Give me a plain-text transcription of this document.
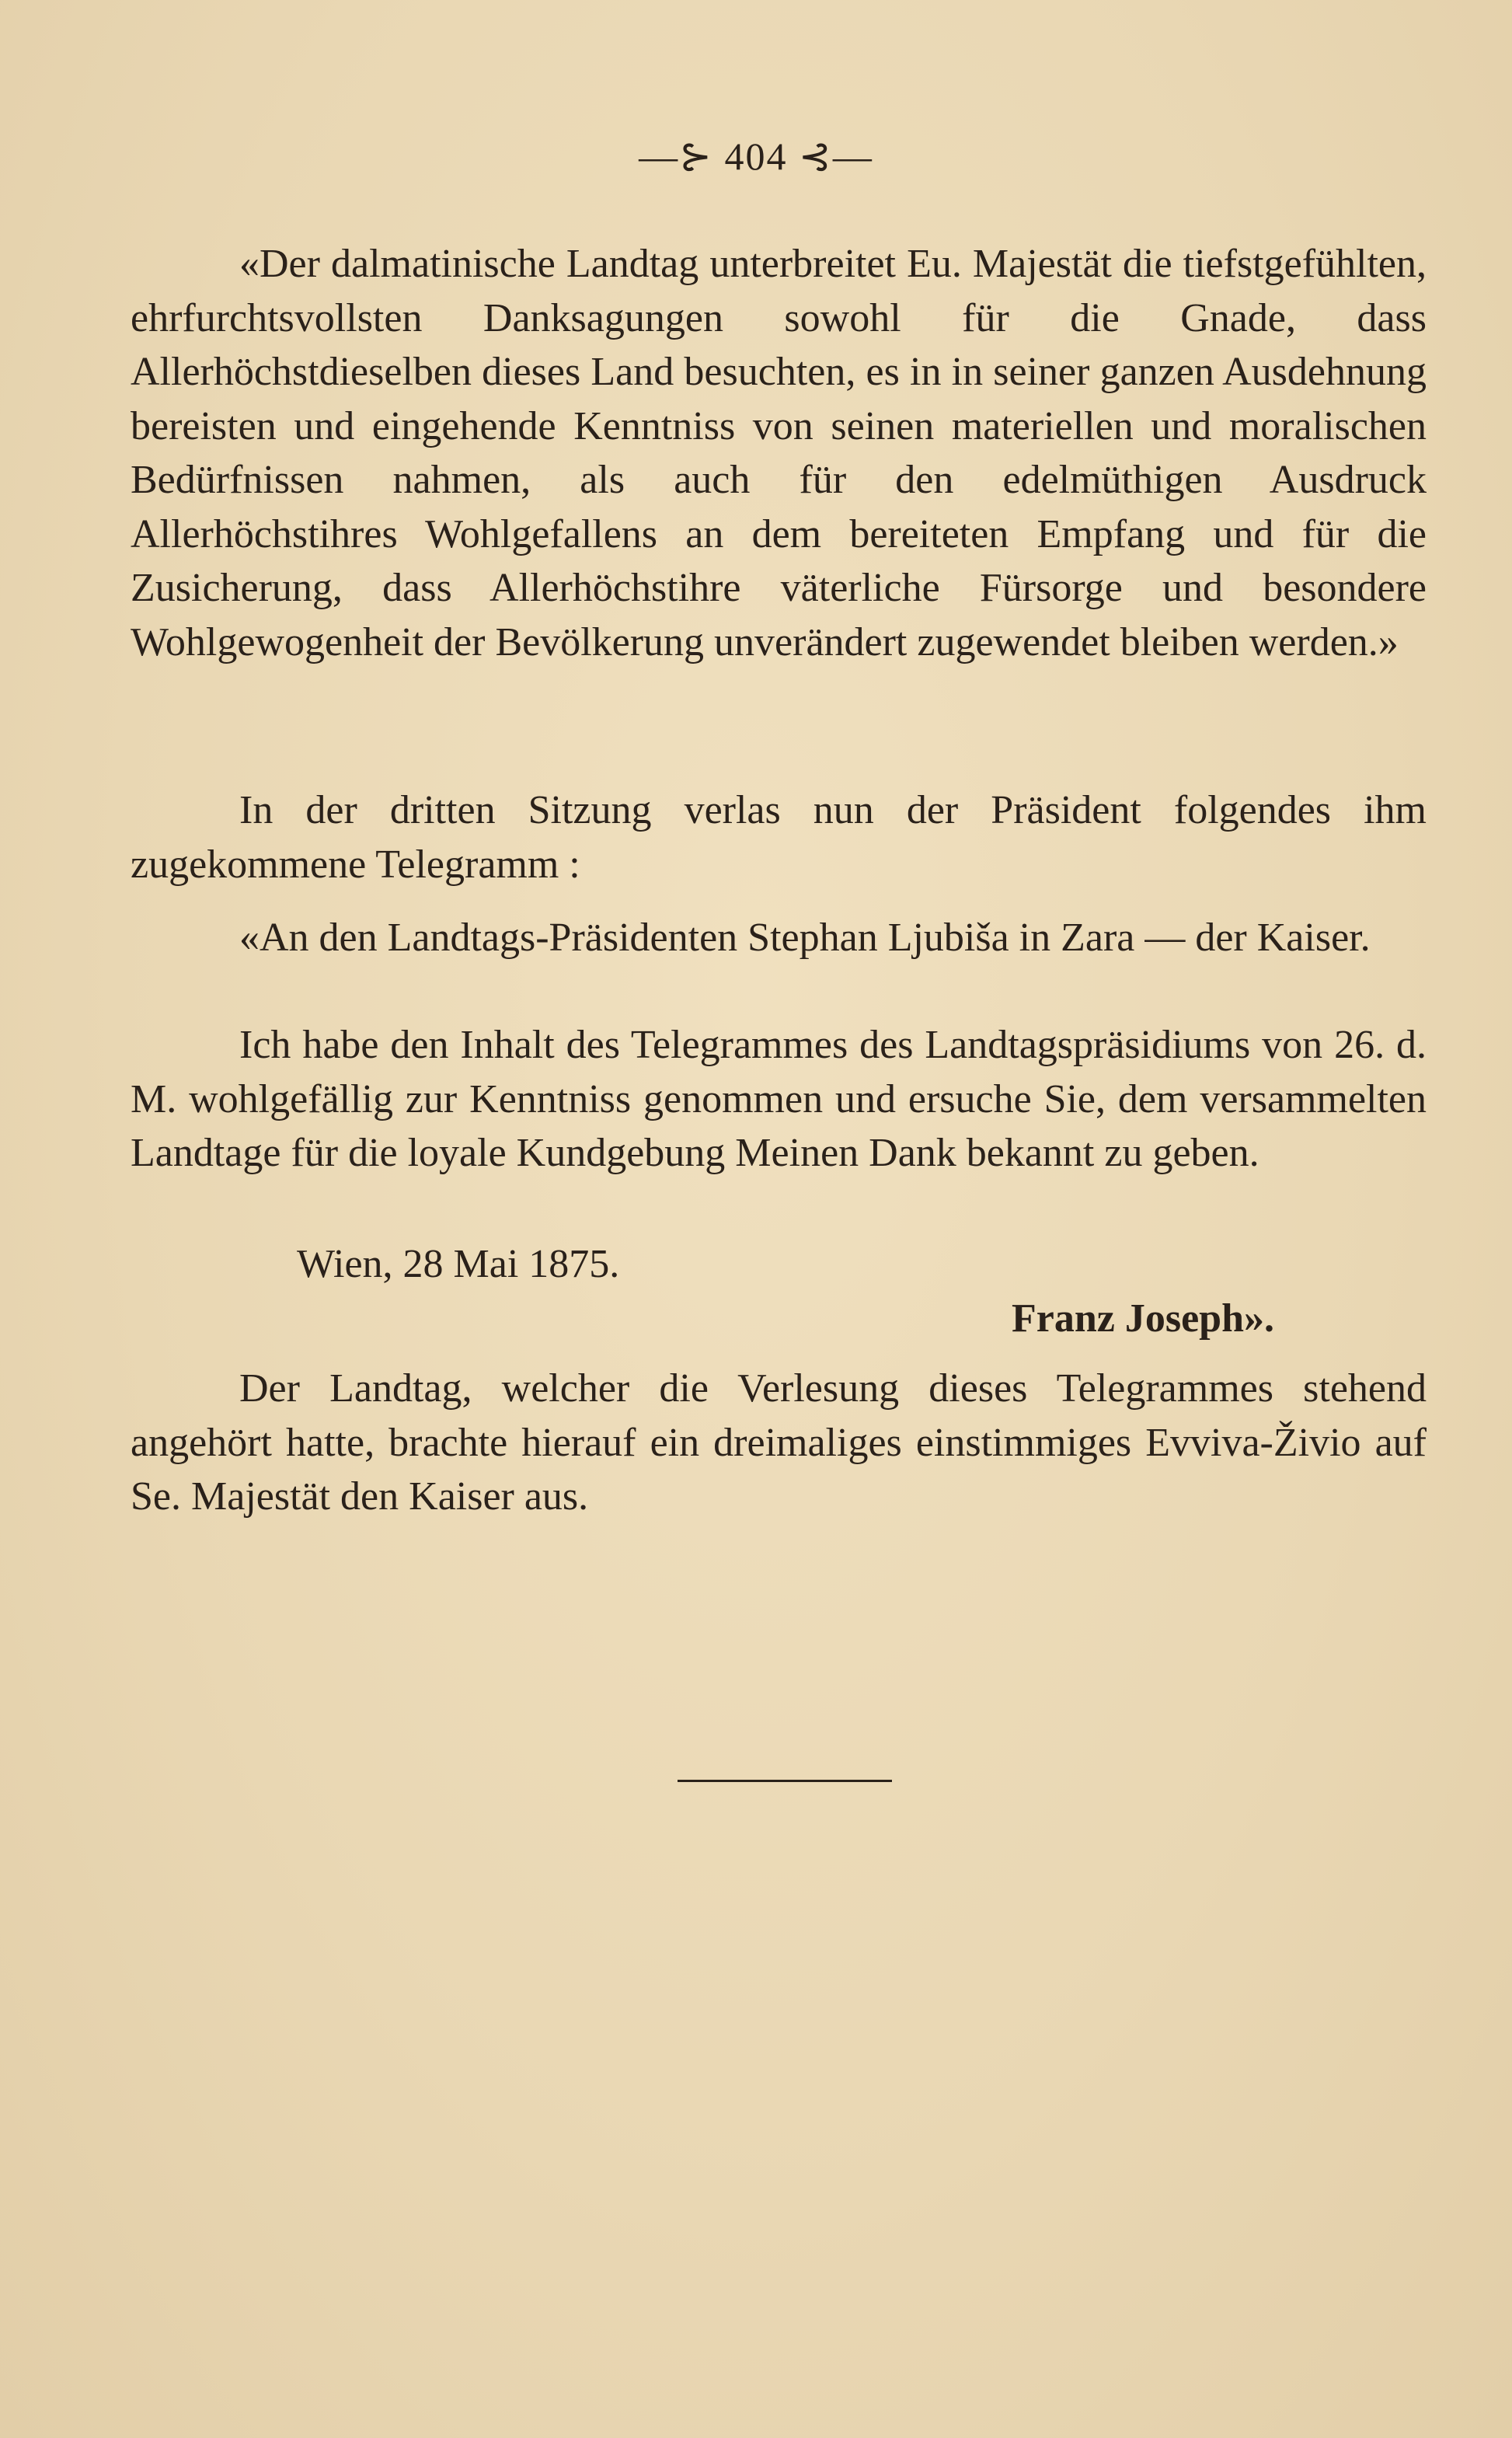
—⊱ 404 ⊰—

«Der dalmatinische Landtag unterbreitet Eu. Majestät die tiefstgefühlten, ehrfurchtsvollsten Danksagungen sowohl für die Gnade, dass Allerhöchstdieselben dieses Land besuchten, es in in seiner ganzen Ausdehnung bereisten und eingehende Kenntniss von seinen materiellen und moralischen Bedürfnissen nahmen, als auch für den edelmüthigen Ausdruck Allerhöchstihres Wohlgefallens an dem bereiteten Empfang und für die Zusicherung, dass Allerhöchstihre väterliche Fürsorge und besondere Wohlgewogenheit der Bevölkerung unverändert zugewendet bleiben werden.»

In der dritten Sitzung verlas nun der Präsident folgendes ihm zugekommene Telegramm :

«An den Landtags-Präsidenten Stephan Ljubiša in Zara — der Kaiser.

Ich habe den Inhalt des Telegrammes des Landtagspräsidiums von 26. d. M. wohlgefällig zur Kenntniss genommen und ersuche Sie, dem versammelten Landtage für die loyale Kundgebung Meinen Dank bekannt zu geben.

Wien, 28 Mai 1875.
Franz Joseph».

Der Landtag, welcher die Verlesung dieses Telegrammes stehend angehört hatte, brachte hierauf ein dreimaliges einstimmiges Evviva-Živio auf Se. Majestät den Kaiser aus.
